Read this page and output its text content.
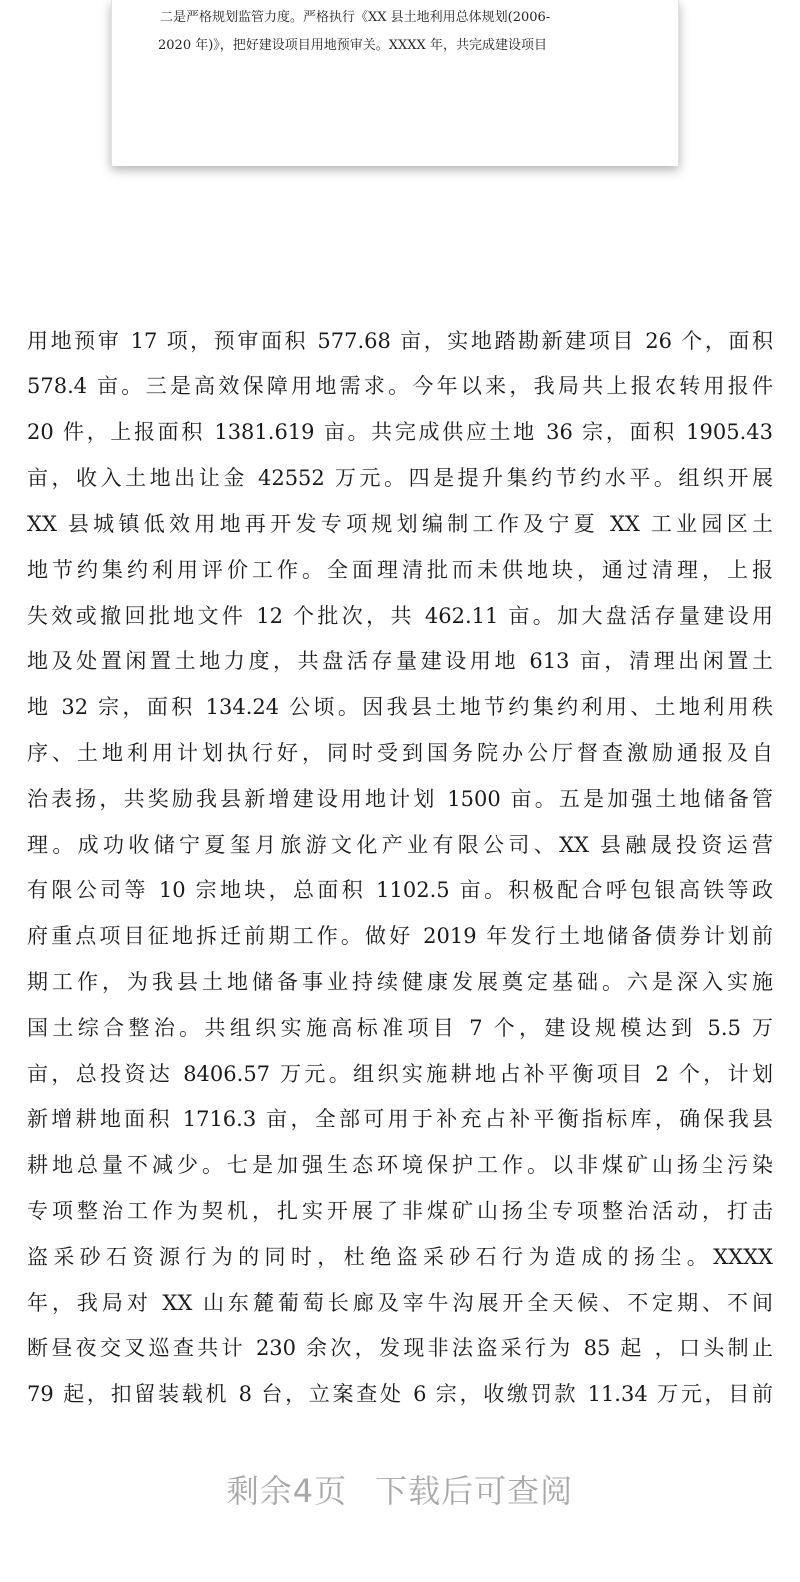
二是严格规划监管力度。严格执行《XX 县土地利用总体规划(2006-
2020 年)》，把好建设项目用地预审关。XXXX 年，共完成建设项目
用地预审 17 项，预审面积 577.68 亩，实地踏勘新建项目 26 个，面积
578.4 亩。三是高效保障用地需求。今年以来，我局共上报农转用报件
20 件，上报面积 1381.619 亩。共完成供应土地 36 宗，面积 1905.43
亩，收入土地出让金 42552 万元。四是提升集约节约水平。组织开展
XX 县城镇低效用地再开发专项规划编制工作及宁夏 XX 工业园区土
地节约集约利用评价工作。全面理清批而未供地块，通过清理，上报
失效或撤回批地文件 12 个批次，共 462.11 亩。加大盘活存量建设用
地及处置闲置土地力度，共盘活存量建设用地 613 亩，清理出闲置土
地 32 宗，面积 134.24 公顷。因我县土地节约集约利用、土地利用秩
序、土地利用计划执行好，同时受到国务院办公厅督查激励通报及自
治表扬，共奖励我县新增建设用地计划 1500 亩。五是加强土地储备管
理。成功收储宁夏玺月旅游文化产业有限公司、XX 县融晟投资运营
有限公司等 10 宗地块，总面积 1102.5 亩。积极配合呼包银高铁等政
府重点项目征地拆迁前期工作。做好 2019 年发行土地储备债券计划前
期工作，为我县土地储备事业持续健康发展奠定基础。六是深入实施
国土综合整治。共组织实施高标准项目 7 个，建设规模达到 5.5 万
亩，总投资达 8406.57 万元。组织实施耕地占补平衡项目 2 个，计划
新增耕地面积 1716.3 亩，全部可用于补充占补平衡指标库，确保我县
耕地总量不减少。七是加强生态环境保护工作。以非煤矿山扬尘污染
专项整治工作为契机，扎实开展了非煤矿山扬尘专项整治活动，打击
盗采砂石资源行为的同时，杜绝盗采砂石行为造成的扬尘。XXXX
年，我局对 XX 山东麓葡萄长廊及宰牛沟展开全天候、不定期、不间
断昼夜交叉巡查共计 230 余次，发现非法盗采行为 85 起 ，口头制止
79 起，扣留装载机 8 台，立案查处 6 宗，收缴罚款 11.34 万元，目前
剩余4页 下载后可查阅
